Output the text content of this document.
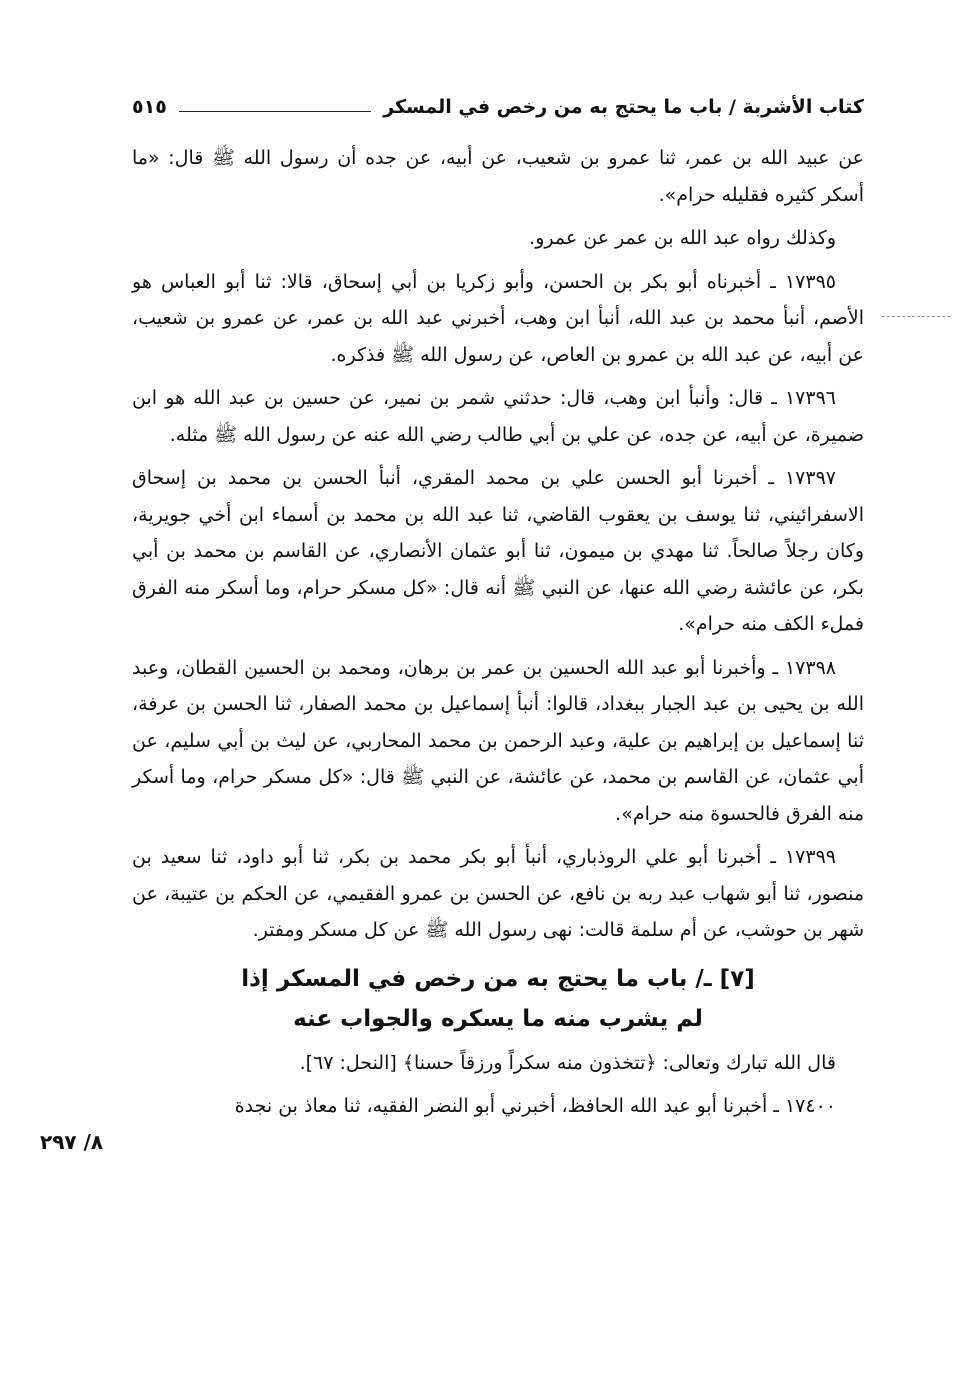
كتاب الأشربة / باب ما يحتج به من رخص في المسكر
٥١٥

عن عبيد الله بن عمر، ثنا عمرو بن شعيب، عن أبيه، عن جده أن رسول الله ﷺ قال: «ما أسكر كثيره فقليله حرام».

وكذلك رواه عبد الله بن عمر عن عمرو.

١٧٣٩٥ ـ أخبرناه أبو بكر بن الحسن، وأبو زكريا بن أبي إسحاق، قالا: ثنا أبو العباس هو الأصم، أنبأ محمد بن عبد الله، أنبأ ابن وهب، أخبرني عبد الله بن عمر، عن عمرو بن شعيب، عن أبيه، عن عبد الله بن عمرو بن العاص، عن رسول الله ﷺ فذكره.

١٧٣٩٦ ـ قال: وأنبأ ابن وهب، قال: حدثني شمر بن نمير، عن حسين بن عبد الله هو ابن ضميرة، عن أبيه، عن جده، عن علي بن أبي طالب رضي الله عنه عن رسول الله ﷺ مثله.

١٧٣٩٧ ـ أخبرنا أبو الحسن علي بن محمد المقري، أنبأ الحسن بن محمد بن إسحاق الاسفرائيني، ثنا يوسف بن يعقوب القاضي، ثنا عبد الله بن محمد بن أسماء ابن أخي جويرية، وكان رجلاً صالحاً. ثنا مهدي بن ميمون، ثنا أبو عثمان الأنصاري، عن القاسم بن محمد بن أبي بكر، عن عائشة رضي الله عنها، عن النبي ﷺ أنه قال: «كل مسكر حرام، وما أسكر منه الفرق فملء الكف منه حرام».

١٧٣٩٨ ـ وأخبرنا أبو عبد الله الحسين بن عمر بن برهان، ومحمد بن الحسين القطان، وعبد الله بن يحيى بن عبد الجبار ببغداد، قالوا: أنبأ إسماعيل بن محمد الصفار، ثنا الحسن بن عرفة، ثنا إسماعيل بن إبراهيم بن علية، وعبد الرحمن بن محمد المحاربي، عن ليث بن أبي سليم، عن أبي عثمان، عن القاسم بن محمد، عن عائشة، عن النبي ﷺ قال: «كل مسكر حرام، وما أسكر منه الفرق فالحسوة منه حرام».

١٧٣٩٩ ـ أخبرنا أبو علي الروذباري، أنبأ أبو بكر محمد بن بكر، ثنا أبو داود، ثنا سعيد بن منصور، ثنا أبو شهاب عبد ربه بن نافع، عن الحسن بن عمرو الفقيمي، عن الحكم بن عتيبة، عن شهر بن حوشب، عن أم سلمة قالت: نهى رسول الله ﷺ عن كل مسكر ومفتر.

[٧] ـ/ باب ما يحتج به من رخص في المسكر إذا
لم يشرب منه ما يسكره والجواب عنه

قال الله تبارك وتعالى: ﴿تتخذون منه سكراً ورزقاً حسنا﴾ [النحل: ٦٧].

١٧٤٠٠ ـ أخبرنا أبو عبد الله الحافظ، أخبرني أبو النضر الفقيه، ثنا معاذ بن نجدة

٨/ ٢٩٧
